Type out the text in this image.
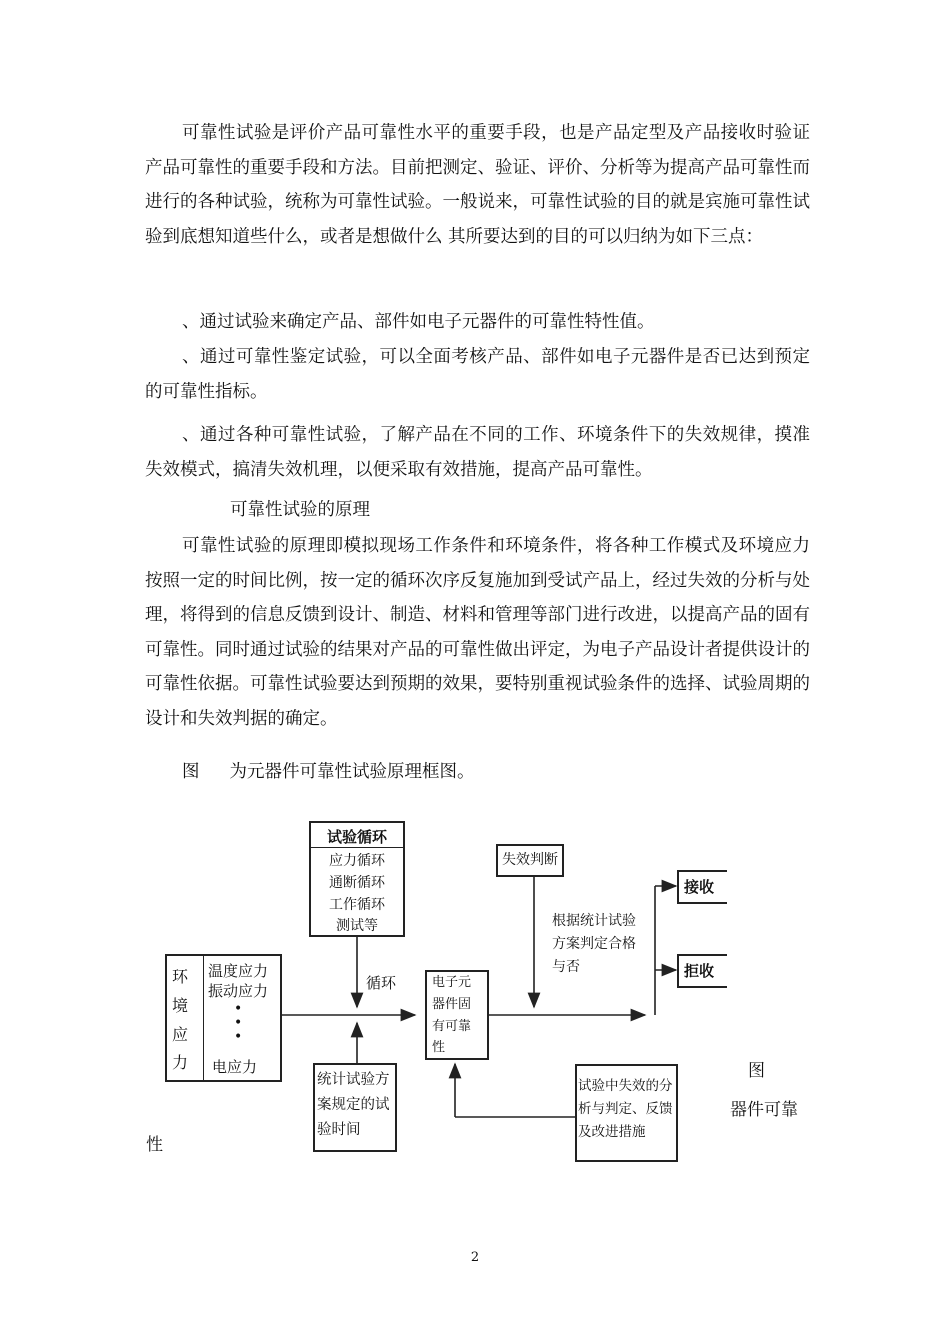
可靠性试验是评价产品可靠性水平的重要手段，也是产品定型及产品接收时验证产品可靠性的重要手段和方法。目前把测定、验证、评价、分析等为提高产品可靠性而进行的各种试验，统称为可靠性试验。一般说来，可靠性试验的目的就是宾施可靠性试验到底想知道些什么，或者是想做什么 其所要达到的目的可以归纳为如下三点：
、通过试验来确定产品、部件如电子元器件的可靠性特性值。
、通过可靠性鉴定试验，可以全面考核产品、部件如电子元器件是否已达到预定的可靠性指标。
、通过各种可靠性试验，了解产品在不同的工作、环境条件下的失效规律，摸准失效模式，搞清失效机理，以便采取有效措施，提高产品可靠性。
可靠性试验的原理
可靠性试验的原理即模拟现场工作条件和环境条件，将各种工作模式及环境应力按照一定的时间比例，按一定的循环次序反复施加到受试产品上，经过失效的分析与处理，将得到的信息反馈到设计、制造、材料和管理等部门进行改进，以提高产品的固有可靠性。同时通过试验的结果对产品的可靠性做出评定，为电子产品设计者提供设计的可靠性依据。可靠性试验要达到预期的效果，要特别重视试验条件的选择、试验周期的设计和失效判据的确定。
图 为元器件可靠性试验原理框图。
试验循环
应力循环
通断循环
工作循环
测试等
环
境
应
力
温度应力
振动应力
•
•
•
电应力
循环	电子元
器件固
有可靠
性
统计试验方
案规定的试
验时间
失效判断
根据统计试验
方案判定合格
与否
接收
拒收
试验中失效的分
析与判定、反馈
及改进措施
图
器件可靠
性
2
